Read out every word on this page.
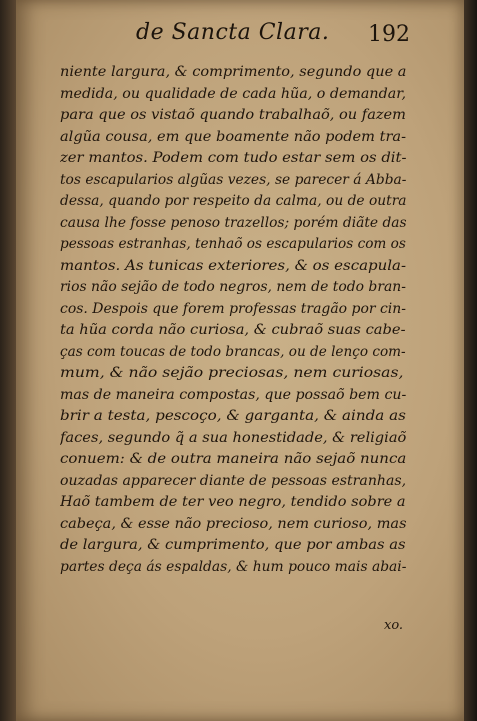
de Sancta Clara. 192
niente largura, & comprimento, segundo que a
medida, ou qualidade de cada hũa, o demandar,
para que os vistaõ quando trabalhaõ, ou fazem
algũa cousa, em que boamente não podem tra-
zer mantos. Podem com tudo estar sem os dit-
tos escapularios algũas vezes, se parecer á Abba-
dessa, quando por respeito da calma, ou de outra
causa lhe fosse penoso trazellos; porém diãte das
pessoas estranhas, tenhaõ os escapularios com os
mantos. As tunicas exteriores, & os escapula-
rios não sejão de todo negros, nem de todo bran-
cos. Despois que forem professas tragão por cin-
ta hũa corda não curiosa, & cubraõ suas cabe-
ças com toucas de todo brancas, ou de lenço com-
mum, & não sejão preciosas, nem curiosas,
mas de maneira compostas, que possaõ bem cu-
brir a testa, pescoço, & garganta, & ainda as
faces, segundo q̃ a sua honestidade, & religiaõ
conuem: & de outra maneira não sejaõ nunca
ouzadas apparecer diante de pessoas estranhas,
Haõ tambem de ter veo negro, tendido sobre a
cabeça, & esse não precioso, nem curioso, mas
de largura, & cumprimento, que por ambas as
partes deça ás espaldas, & hum pouco mais abai-
xo.
